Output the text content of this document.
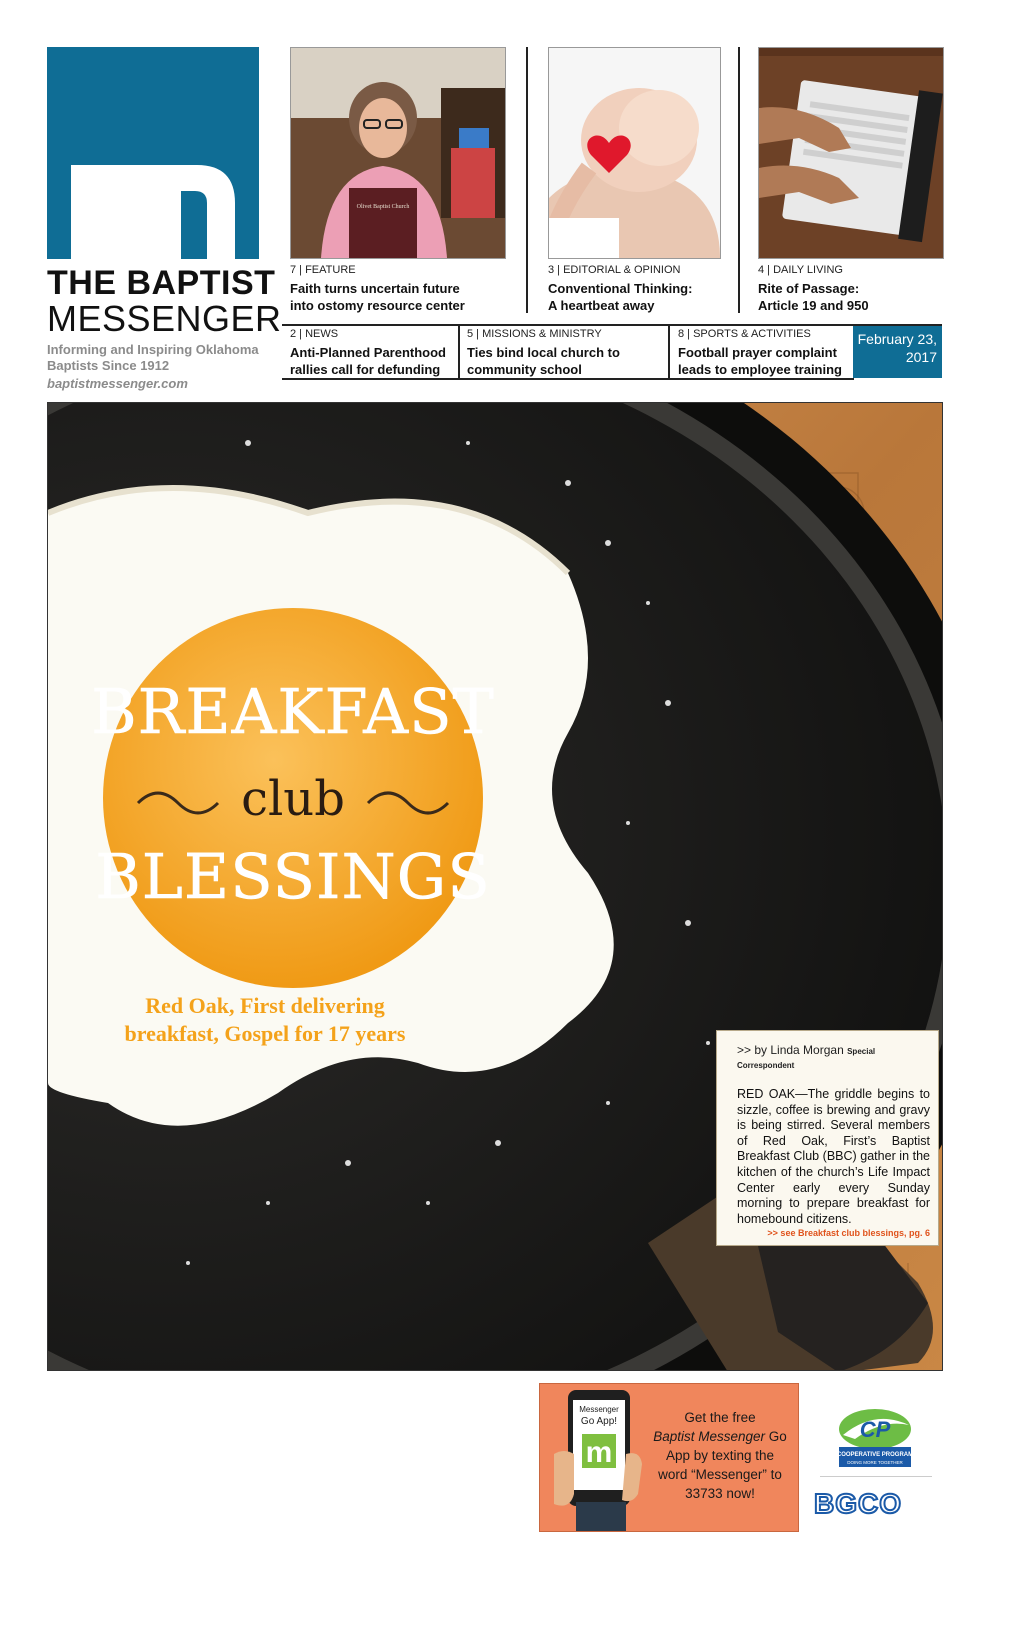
THE BAPTIST
MESSENGER
Informing and Inspiring Oklahoma Baptists Since 1912
baptistmessenger.com
Olivet Baptist Church
7 | FEATURE
Faith turns uncertain future
into ostomy resource center
3 | EDITORIAL & OPINION
Conventional Thinking:
A heartbeat away
4 | DAILY LIVING
Rite of Passage:
Article 19 and 950
2 | NEWS
Anti-Planned Parenthood
rallies call for defunding
5 | MISSIONS & MINISTRY
Ties bind local church to
community school
8 | SPORTS & ACTIVITIES
Football prayer complaint
leads to employee training
February 23,
2017
BREAKFAST
club
BLESSINGS
Red Oak, First delivering
breakfast, Gospel for 17 years
>> by Linda Morgan Special Correspondent
RED OAK—The griddle begins to sizzle, coffee is brewing and gravy is being stirred. Several members of Red Oak, First’s Baptist Breakfast Club (BBC) gather in the kitchen of the church’s Life Impact Center early every Sunday morning to prepare breakfast for homebound citizens.
>> see Breakfast club blessings, pg. 6
m
Messenger
Go App!	Get the free
Baptist Messenger Go
App by texting the
word “Messenger” to
33733 now!
CP
COOPERATIVE PROGRAM
DOING MORE TOGETHER
BGCO
